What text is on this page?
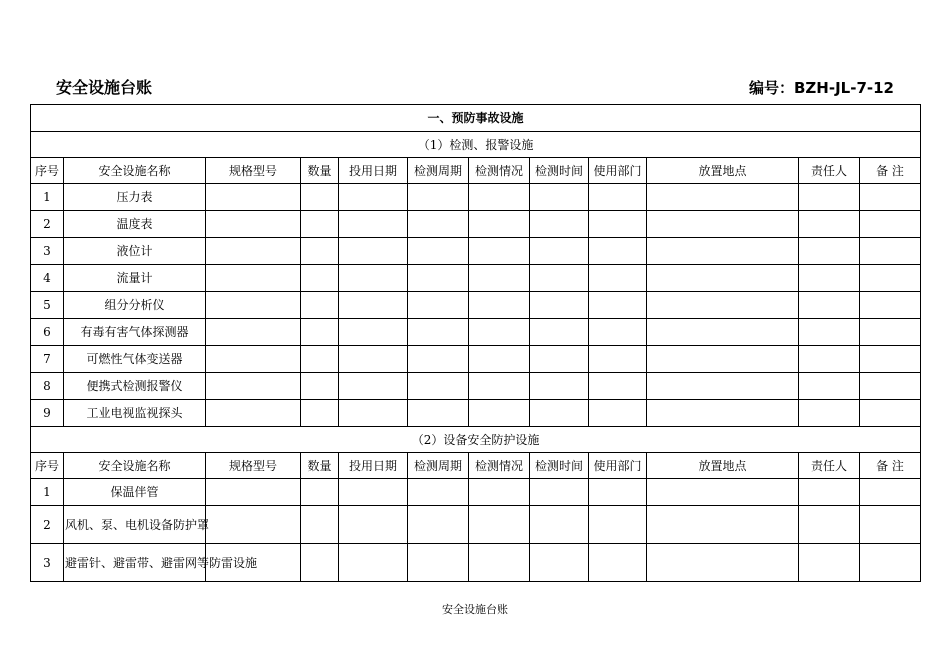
安全设施台账	编号：BZH-JL-7-12
一、预防事故设施											
（1）检测、报警设施											
序号	安全设施名称	规格型号	数量	投用日期	检测周期	检测情况	检测时间	使用部门	放置地点	责任人	备 注
1	压力表										
2	温度表										
3	液位计										
4	流量计										
5	组分分析仪										
6	有毒有害气体探测器										
7	可燃性气体变送器										
8	便携式检测报警仪										
9	工业电视监视探头										
（2）设备安全防护设施											
序号	安全设施名称	规格型号	数量	投用日期	检测周期	检测情况	检测时间	使用部门	放置地点	责任人	备 注
1	保温伴管										
2	风机、泵、电机设备防护罩										
3	避雷针、避雷带、避雷网等防雷设施										
安全设施台账
